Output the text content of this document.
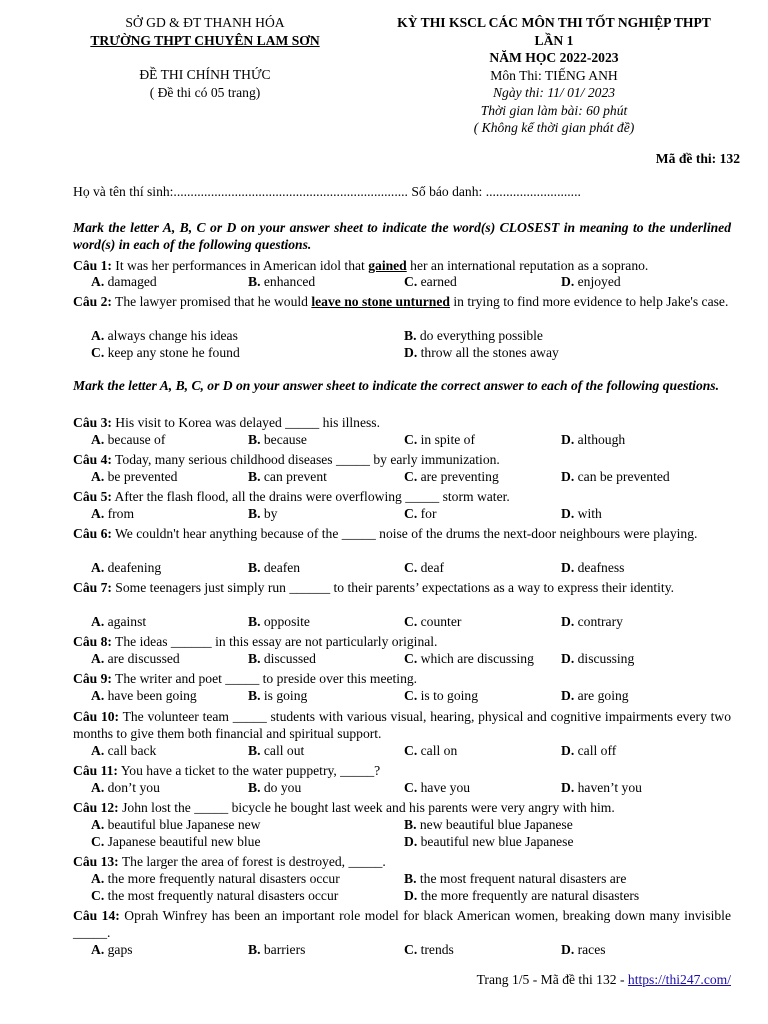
SỞ GD & ĐT THANH HÓA
TRƯỜNG THPT CHUYÊN LAM SƠN
ĐỀ THI CHÍNH THỨC
( Đề thi có 05 trang)
KỲ THI KSCL CÁC MÔN THI TỐT NGHIỆP THPT
LẦN 1
NĂM HỌC 2022-2023
Môn Thi: TIẾNG ANH
Ngày thi: 11/ 01/ 2023
Thời gian làm bài: 60 phút
( Không kể thời gian phát đề)
Mã đề thi: 132
Họ và tên thí sinh:..................................................................... Số báo danh: ............................
Mark the letter A, B, C or D on your answer sheet to indicate the word(s) CLOSEST in meaning to the underlined word(s) in each of the following questions.
Câu 1: It was her performances in American idol that gained her an international reputation as a soprano.
A. damaged	B. enhanced	C. earned	D. enjoyed
Câu 2: The lawyer promised that he would leave no stone unturned in trying to find more evidence to help Jake's case.
A. always change his ideas	B. do everything possible
C. keep any stone he found	D. throw all the stones away
Mark the letter A, B, C, or D on your answer sheet to indicate the correct answer to each of the following questions.
Câu 3: His visit to Korea was delayed _____ his illness.
A. because of	B. because	C. in spite of	D. although
Câu 4: Today, many serious childhood diseases _____ by early immunization.
A. be prevented	B. can prevent	C. are preventing	D. can be prevented
Câu 5: After the flash flood, all the drains were overflowing _____ storm water.
A. from	B. by	C. for	D. with
Câu 6: We couldn't hear anything because of the _____ noise of the drums the next-door neighbours were playing.
A. deafening	B. deafen	C. deaf	D. deafness
Câu 7: Some teenagers just simply run ______ to their parents’ expectations as a way to express their identity.
A. against	B. opposite	C. counter	D. contrary
Câu 8: The ideas ______ in this essay are not particularly original.
A. are discussed	B. discussed	C. which are discussing D. discussing
Câu 9: The writer and poet _____ to preside over this meeting.
A. have been going	B. is going	C. is to going	D. are going
Câu 10: The volunteer team _____ students with various visual, hearing, physical and cognitive impairments every two months to give them both financial and spiritual support.
A. call back	B. call out	C. call on	D. call off
Câu 11: You have a ticket to the water puppetry, _____?
A. don’t you	B. do you	C. have you	D. haven’t you
Câu 12: John lost the _____ bicycle he bought last week and his parents were very angry with him.
A. beautiful blue Japanese new	B. new beautiful blue Japanese
C. Japanese beautiful new blue	D. beautiful new blue Japanese
Câu 13: The larger the area of forest is destroyed, _____.
A. the more frequently natural disasters occur	B. the most frequent natural disasters are
C. the most frequently natural disasters occur	D. the more frequently are natural disasters
Câu 14: Oprah Winfrey has been an important role model for black American women, breaking down many invisible _____.
A. gaps	B. barriers	C. trends	D. races
Trang 1/5 - Mã đề thi 132 - https://thi247.com/
